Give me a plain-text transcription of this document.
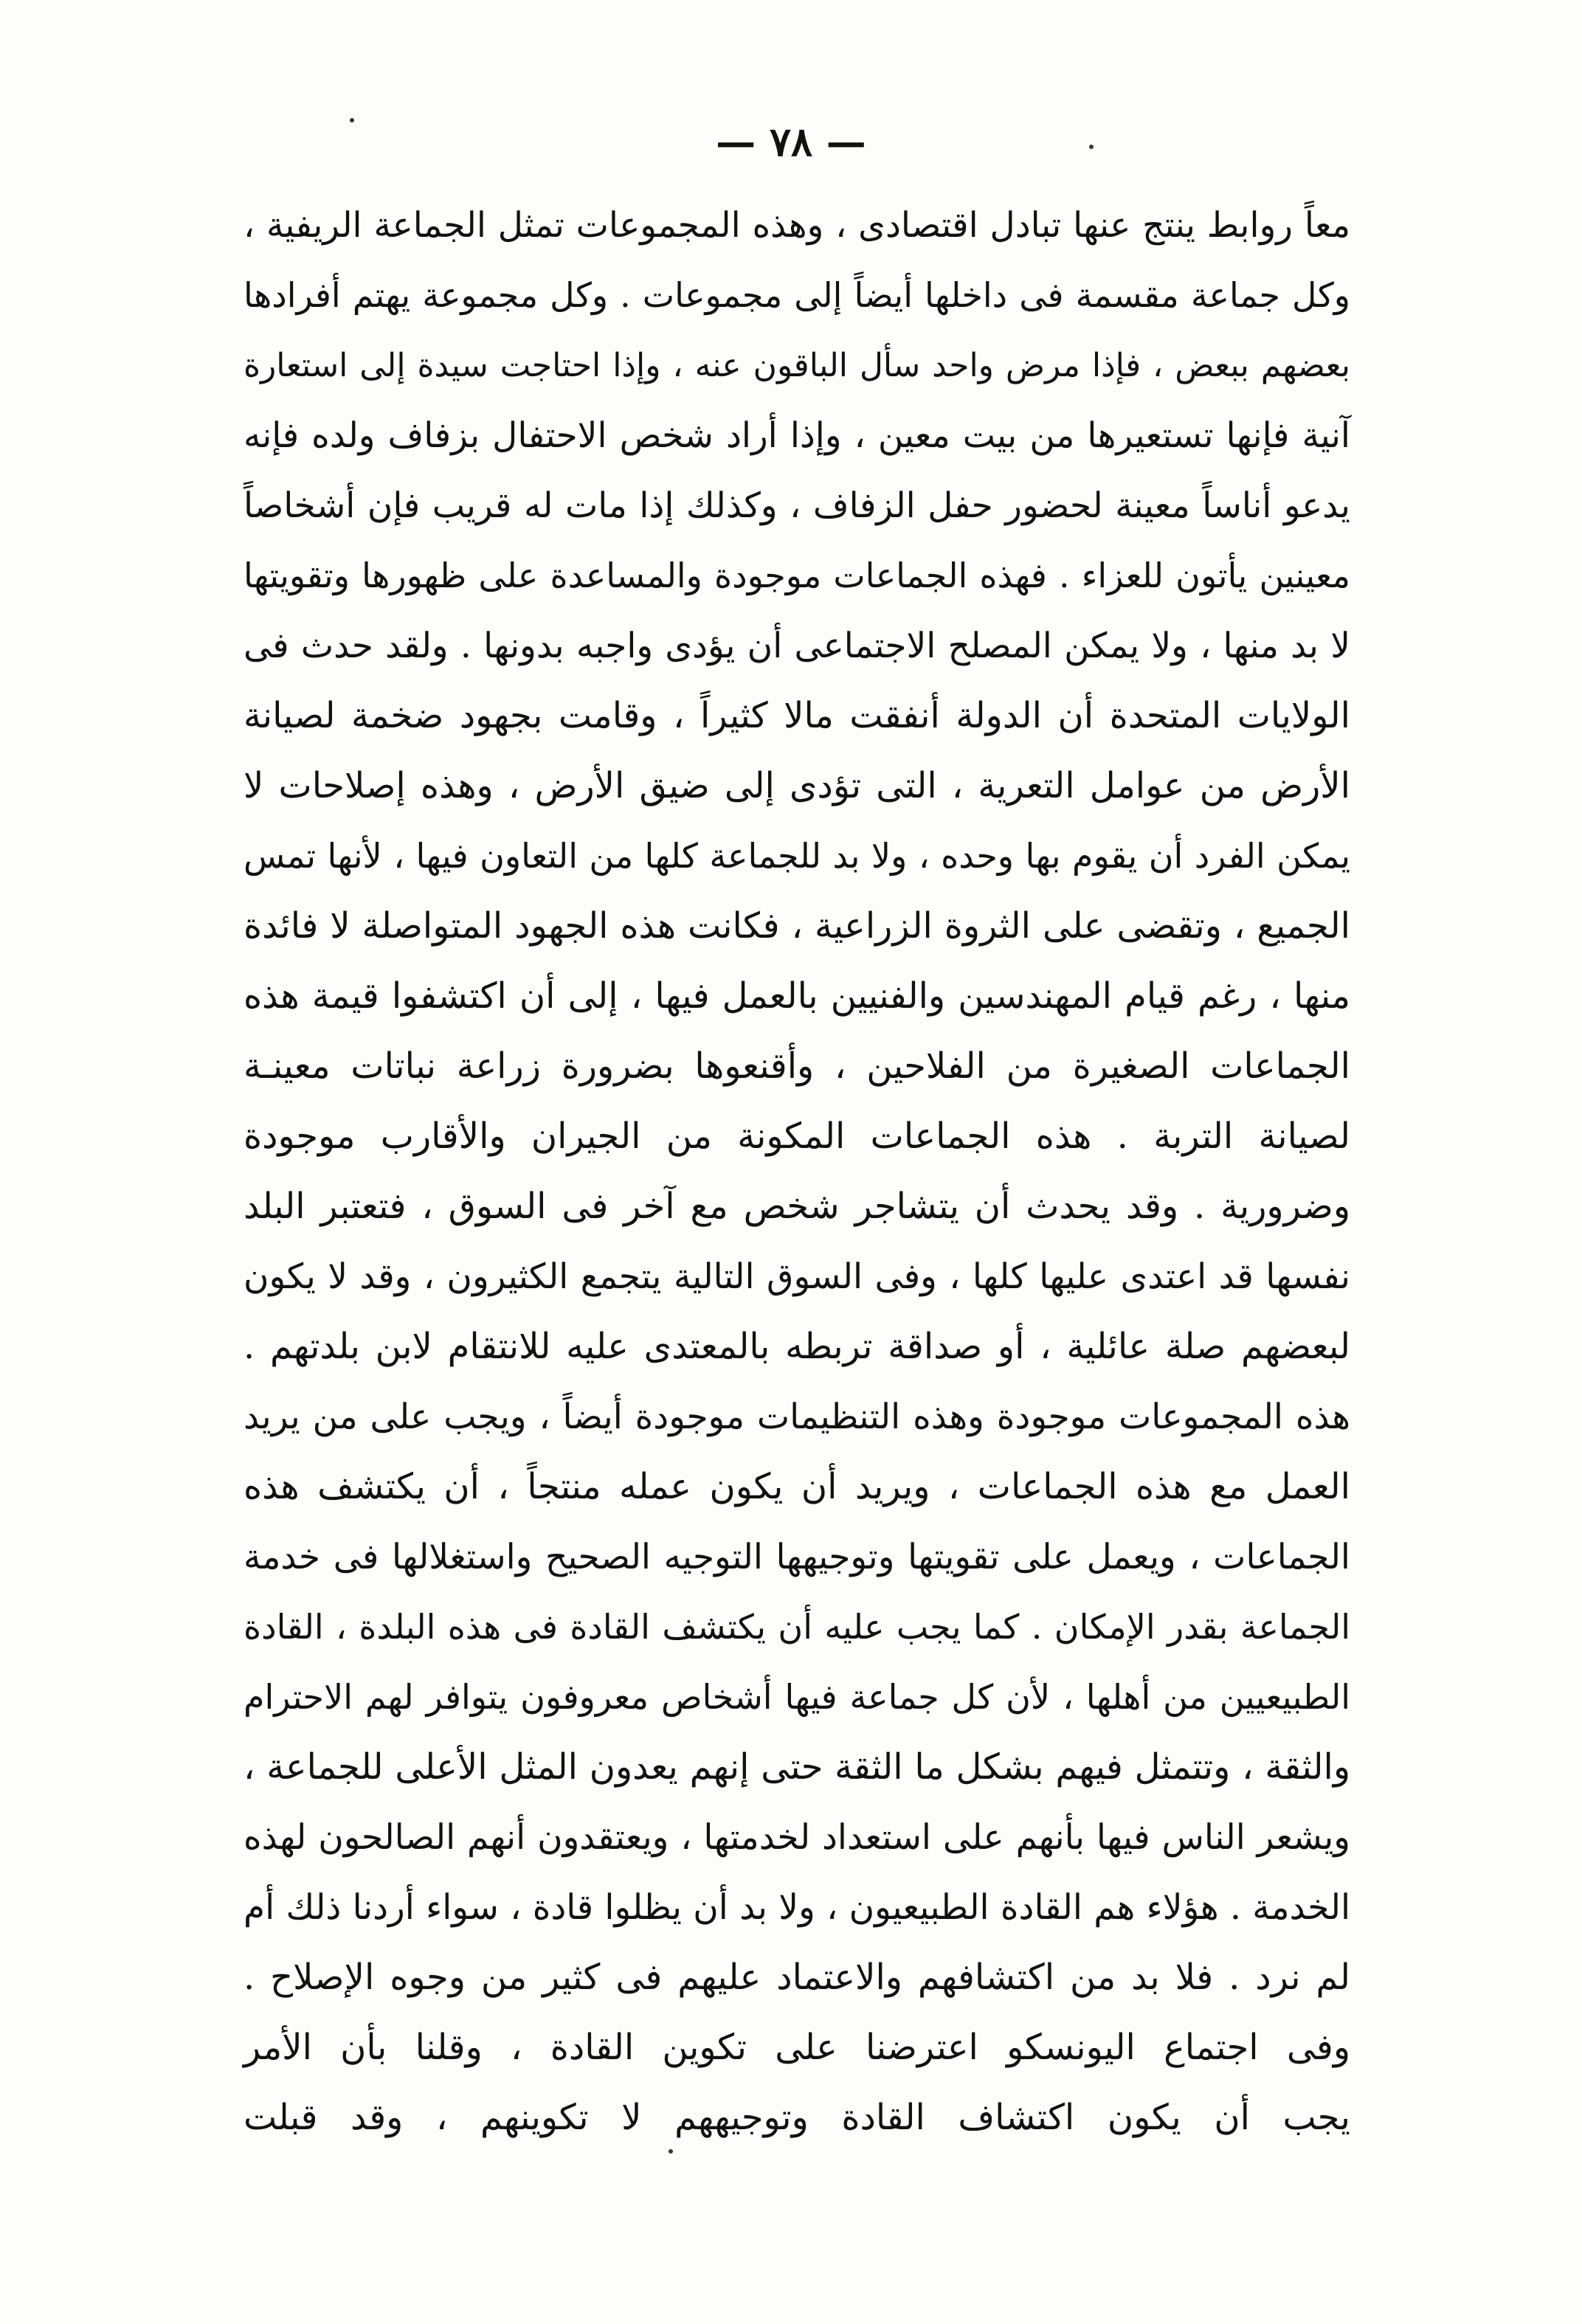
— ٧٨ —
معاً روابط ينتج عنها تبادل اقتصادى ، وهذه المجموعات تمثل الجماعة الريفية ،
وكل جماعة مقسمة فى داخلها أيضاً إلى مجموعات . وكل مجموعة يهتم أفرادها
بعضهم ببعض ، فإذا مرض واحد سأل الباقون عنه ، وإذا احتاجت سيدة إلى استعارة
آنية فإنها تستعيرها من بيت معين ، وإذا أراد شخص الاحتفال بزفاف ولده فإنه
يدعو أناساً معينة لحضور حفل الزفاف ، وكذلك إذا مات له قريب فإن أشخاصاً
معينين يأتون للعزاء . فهذه الجماعات موجودة والمساعدة على ظهورها وتقويتها
لا بد منها ، ولا يمكن المصلح الاجتماعى أن يؤدى واجبه بدونها . ولقد حدث فى
الولايات المتحدة أن الدولة أنفقت مالا كثيراً ، وقامت بجهود ضخمة لصيانة
الأرض من عوامل التعرية ، التى تؤدى إلى ضيق الأرض ، وهذه إصلاحات لا
يمكن الفرد أن يقوم بها وحده ، ولا بد للجماعة كلها من التعاون فيها ، لأنها تمس
الجميع ، وتقضى على الثروة الزراعية ، فكانت هذه الجهود المتواصلة لا فائدة
منها ، رغم قيام المهندسين والفنيين بالعمل فيها ، إلى أن اكتشفوا قيمة هذه
الجماعات الصغيرة من الفلاحين ، وأقنعوها بضرورة زراعة نباتات معينـة
لصيانة التربة . هذه الجماعات المكونة من الجيران والأقارب موجودة
وضرورية . وقد يحدث أن يتشاجر شخص مع آخر فى السوق ، فتعتبر البلد
نفسها قد اعتدى عليها كلها ، وفى السوق التالية يتجمع الكثيرون ، وقد لا يكون
لبعضهم صلة عائلية ، أو صداقة تربطه بالمعتدى عليه للانتقام لابن بلدتهم .
هذه المجموعات موجودة وهذه التنظيمات موجودة أيضاً ، ويجب على من يريد
العمل مع هذه الجماعات ، ويريد أن يكون عمله منتجاً ، أن يكتشف هذه
الجماعات ، ويعمل على تقويتها وتوجيهها التوجيه الصحيح واستغلالها فى خدمة
الجماعة بقدر الإمكان . كما يجب عليه أن يكتشف القادة فى هذه البلدة ، القادة
الطبيعيين من أهلها ، لأن كل جماعة فيها أشخاص معروفون يتوافر لهم الاحترام
والثقة ، وتتمثل فيهم بشكل ما الثقة حتى إنهم يعدون المثل الأعلى للجماعة ،
ويشعر الناس فيها بأنهم على استعداد لخدمتها ، ويعتقدون أنهم الصالحون لهذه
الخدمة . هؤلاء هم القادة الطبيعيون ، ولا بد أن يظلوا قادة ، سواء أردنا ذلك أم
لم نرد . فلا بد من اكتشافهم والاعتماد عليهم فى كثير من وجوه الإصلاح .
وفى اجتماع اليونسكو اعترضنا على تكوين القادة ، وقلنا بأن الأمر
يجب أن يكون اكتشاف القادة وتوجيههم لا تكوينهم ، وقد قبلت
